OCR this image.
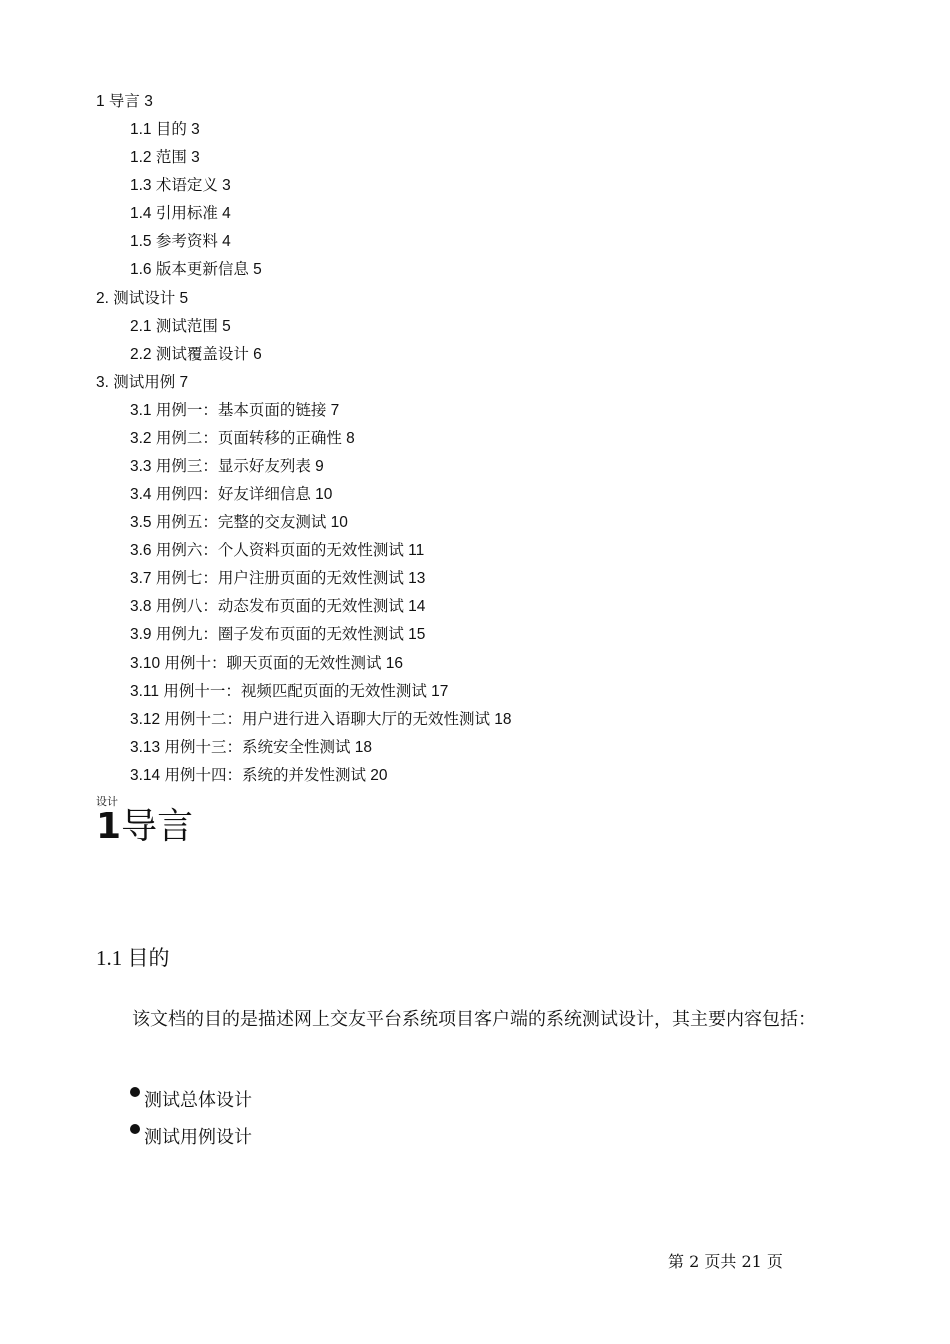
1 导言 3
1.1 目的 3
1.2 范围 3
1.3 术语定义 3
1.4 引用标准 4
1.5 参考资料 4
1.6 版本更新信息 5
2. 测试设计 5
2.1 测试范围 5
2.2 测试覆盖设计 6
3. 测试用例 7
3.1 用例一：基本页面的链接 7
3.2 用例二：页面转移的正确性 8
3.3 用例三：显示好友列表 9
3.4 用例四：好友详细信息 10
3.5 用例五：完整的交友测试 10
3.6 用例六：个人资料页面的无效性测试 11
3.7 用例七：用户注册页面的无效性测试 13
3.8 用例八：动态发布页面的无效性测试 14
3.9 用例九：圈子发布页面的无效性测试 15
3.10 用例十：聊天页面的无效性测试 16
3.11 用例十一：视频匹配页面的无效性测试 17
3.12 用例十二：用户进行进入语聊大厅的无效性测试 18
3.13 用例十三：系统安全性测试 18
3.14 用例十四：系统的并发性测试 20
设计
1导言
1.1 目的
该文档的目的是描述网上交友平台系统项目客户端的系统测试设计，其主要内容包括：
测试总体设计
测试用例设计
第 2 页共 21 页
